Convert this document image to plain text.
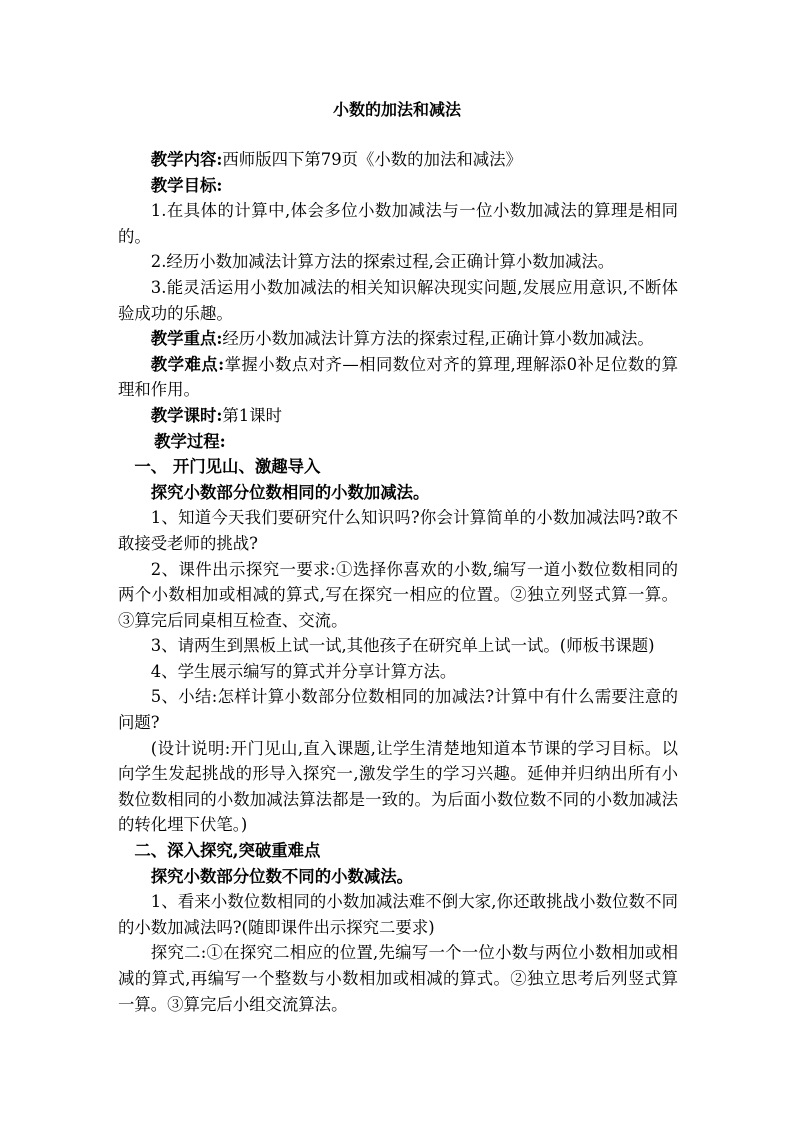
小数的加法和减法

教学内容:西师版四下第79页《小数的加法和减法》

教学目标:

1.在具体的计算中,体会多位小数加减法与一位小数加减法的算理是相同的。

2.经历小数加减法计算方法的探索过程,会正确计算小数加减法。

3.能灵活运用小数加减法的相关知识解决现实问题,发展应用意识,不断体验成功的乐趣。

教学重点:经历小数加减法计算方法的探索过程,正确计算小数加减法。

教学难点:掌握小数点对齐—相同数位对齐的算理,理解添0补足位数的算理和作用。

教学课时:第1课时

教学过程:

一、 开门见山、激趣导入

探究小数部分位数相同的小数加减法。

1、知道今天我们要研究什么知识吗?你会计算简单的小数加减法吗?敢不敢接受老师的挑战?

2、课件出示探究一要求:①选择你喜欢的小数,编写一道小数位数相同的两个小数相加或相减的算式,写在探究一相应的位置。②独立列竖式算一算。③算完后同桌相互检查、交流。

3、请两生到黑板上试一试,其他孩子在研究单上试一试。(师板书课题)

4、学生展示编写的算式并分享计算方法。

5、小结:怎样计算小数部分位数相同的加减法?计算中有什么需要注意的问题?

(设计说明:开门见山,直入课题,让学生清楚地知道本节课的学习目标。以向学生发起挑战的形导入探究一,激发学生的学习兴趣。延伸并归纳出所有小数位数相同的小数加减法算法都是一致的。为后面小数位数不同的小数加减法的转化埋下伏笔。)

二、深入探究,突破重难点

探究小数部分位数不同的小数减法。

1、看来小数位数相同的小数加减法难不倒大家,你还敢挑战小数位数不同的小数加减法吗?(随即课件出示探究二要求)

探究二:①在探究二相应的位置,先编写一个一位小数与两位小数相加或相减的算式,再编写一个整数与小数相加或相减的算式。②独立思考后列竖式算一算。③算完后小组交流算法。
